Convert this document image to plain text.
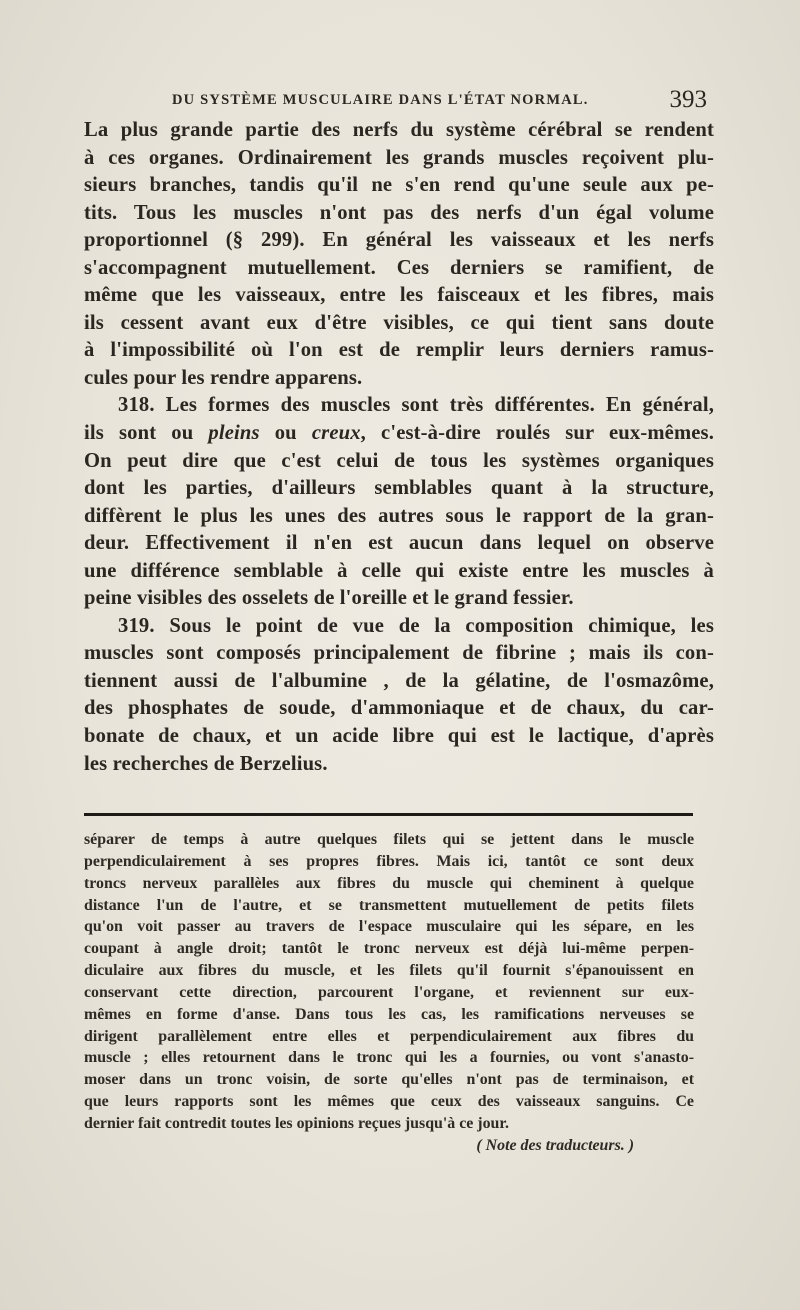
DU SYSTÈME MUSCULAIRE DANS L'ÉTAT NORMAL.	393
La plus grande partie des nerfs du système cérébral se rendent
à ces organes. Ordinairement les grands muscles reçoivent plu-
sieurs branches, tandis qu'il ne s'en rend qu'une seule aux pe-
tits. Tous les muscles n'ont pas des nerfs d'un égal volume
proportionnel (§ 299). En général les vaisseaux et les nerfs
s'accompagnent mutuellement. Ces derniers se ramifient, de
même que les vaisseaux, entre les faisceaux et les fibres, mais
ils cessent avant eux d'être visibles, ce qui tient sans doute
à l'impossibilité où l'on est de remplir leurs derniers ramus-
cules pour les rendre apparens.
318. Les formes des muscles sont très différentes. En général,
ils sont ou pleins ou creux, c'est-à-dire roulés sur eux-mêmes.
On peut dire que c'est celui de tous les systèmes organiques
dont les parties, d'ailleurs semblables quant à la structure,
diffèrent le plus les unes des autres sous le rapport de la gran-
deur. Effectivement il n'en est aucun dans lequel on observe
une différence semblable à celle qui existe entre les muscles à
peine visibles des osselets de l'oreille et le grand fessier.
319. Sous le point de vue de la composition chimique, les
muscles sont composés principalement de fibrine ; mais ils con-
tiennent aussi de l'albumine , de la gélatine, de l'osmazôme,
des phosphates de soude, d'ammoniaque et de chaux, du car-
bonate de chaux, et un acide libre qui est le lactique, d'après
les recherches de Berzelius.
séparer de temps à autre quelques filets qui se jettent dans le muscle
perpendiculairement à ses propres fibres. Mais ici, tantôt ce sont deux
troncs nerveux parallèles aux fibres du muscle qui cheminent à quelque
distance l'un de l'autre, et se transmettent mutuellement de petits filets
qu'on voit passer au travers de l'espace musculaire qui les sépare, en les
coupant à angle droit; tantôt le tronc nerveux est déjà lui-même perpen-
diculaire aux fibres du muscle, et les filets qu'il fournit s'épanouissent en
conservant cette direction, parcourent l'organe, et reviennent sur eux-
mêmes en forme d'anse. Dans tous les cas, les ramifications nerveuses se
dirigent parallèlement entre elles et perpendiculairement aux fibres du
muscle ; elles retournent dans le tronc qui les a fournies, ou vont s'anasto-
moser dans un tronc voisin, de sorte qu'elles n'ont pas de terminaison, et
que leurs rapports sont les mêmes que ceux des vaisseaux sanguins. Ce
dernier fait contredit toutes les opinions reçues jusqu'à ce jour.
( Note des traducteurs. )
